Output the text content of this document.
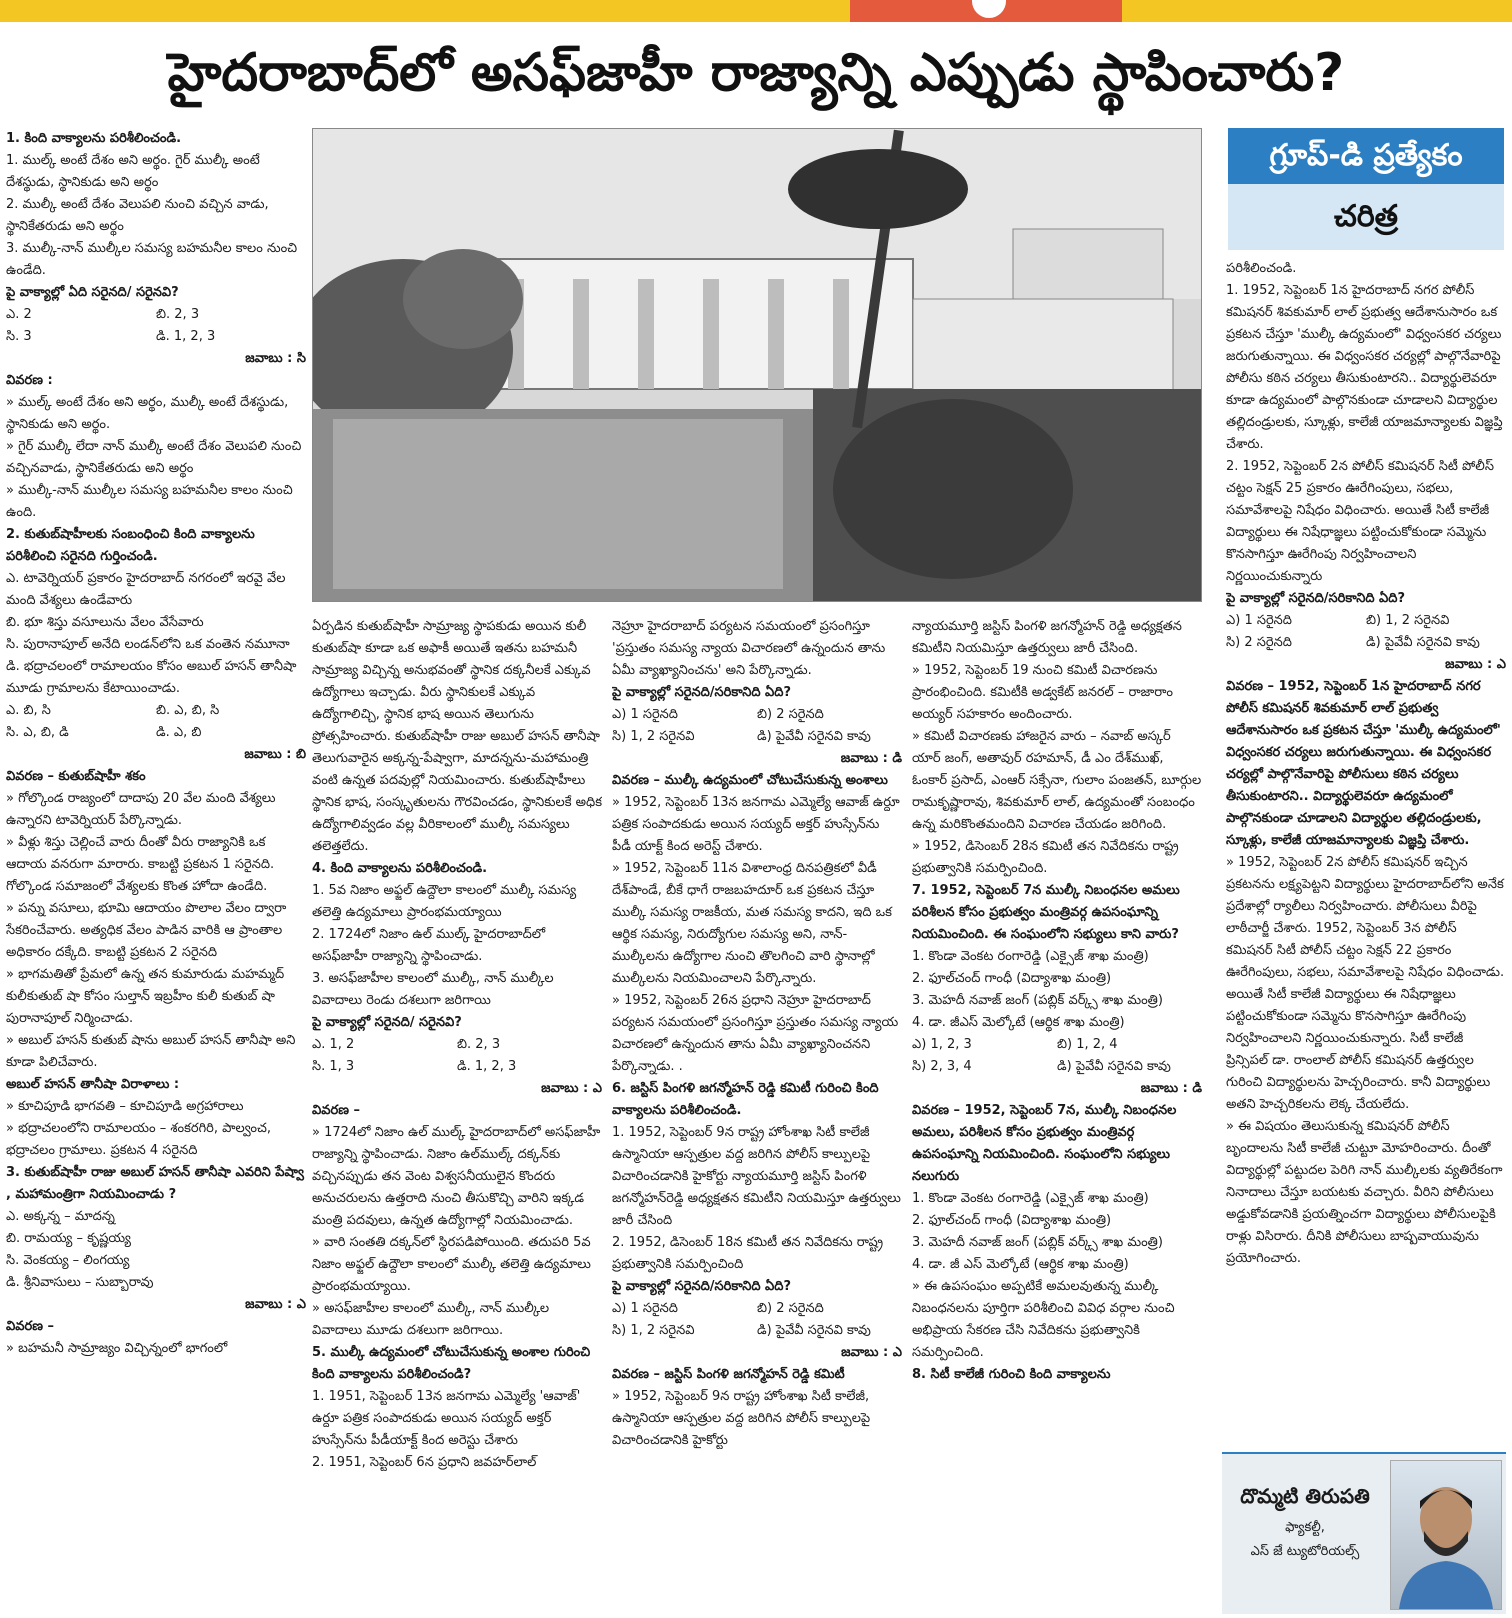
హైదరాబాద్‌లో అసఫ్‌జాహీ రాజ్యాన్ని ఎప్పుడు స్థాపించారు?

1. కింది వాక్యాలను పరిశీలించండి.

1. ముల్క్ అంటే దేశం అని అర్థం. గైర్ ముల్కీ అంటే దేశస్థుడు, స్థానికుడు అని అర్థం

2. ముల్కీ అంటే దేశం వెలుపలి నుంచి వచ్చిన వాడు, స్థానికేతరుడు అని అర్థం

3. ముల్కీ-నాన్ ముల్కీల సమస్య బహమనీల కాలం నుంచి ఉండేది.

పై వాక్యాల్లో ఏది సరైనది/ సరైనవి?

ఎ. 2	బి. 2, 3
సి. 3	డి. 1, 2, 3

జవాబు : సి

వివరణ :

» ముల్క్ అంటే దేశం అని అర్థం, ముల్కీ అంటే దేశస్థుడు, స్థానికుడు అని అర్థం.

» గైర్ ముల్కీ లేదా నాన్ ముల్కీ అంటే దేశం వెలుపలి నుంచి వచ్చినవాడు, స్థానికేతరుడు అని అర్థం

» ముల్కీ-నాన్ ముల్కీల సమస్య బహమనీల కాలం నుంచి ఉంది.

2. కుతుబ్‌షాహీలకు సంబంధించి కింది వాక్యాలను పరిశీలించి సరైనది గుర్తించండి.

ఎ. టావెర్నియర్ ప్రకారం హైదరాబాద్ నగరంలో ఇరవై వేల మంది వేశ్యలు ఉండేవారు

బి. భూ శిస్తు వసూలును వేలం వేసేవారు

సి. పురానాపూల్ అనేది లండన్‌లోని ఒక వంతెన నమూనా

డి. భద్రాచలంలో రామాలయం కోసం అబుల్ హసన్ తానీషా మూడు గ్రామాలను కేటాయించాడు.

ఎ. బి, సి	బి. ఎ, బి, సి
సి. ఎ, బి, డి	డి. ఎ, బి

జవాబు : బి

వివరణ – కుతుబ్‌షాహీ శకం

» గోల్కొండ రాజ్యంలో దాదాపు 20 వేల మంది వేశ్యలు ఉన్నారని టావెర్నియర్ పేర్కొన్నాడు.

» వీళ్లు శిస్తు చెల్లించే వారు దీంతో వీరు రాజ్యానికి ఒక ఆదాయ వనరుగా మారారు. కాబట్టి ప్రకటన 1 సరైనది. గోల్కొండ సమాజంలో వేశ్యలకు కొంత హోదా ఉండేది.

» పన్ను వసూలు, భూమి ఆదాయం పొలాల వేలం ద్వారా సేకరించేవారు. అత్యధిక వేలం పాడిన వారికి ఆ ప్రాంతాల అధికారం దక్కేది. కాబట్టి ప్రకటన 2 సరైనది

» భాగమతితో ప్రేమలో ఉన్న తన కుమారుడు మహమ్మద్ కులీకుతుబ్ షా కోసం సుల్తాన్ ఇబ్రహీం కులీ కుతుబ్ షా పురానాపూల్ నిర్మించాడు.

» అబుల్ హసన్ కుతుబ్ షాను అబుల్ హసన్ తానీషా అని కూడా పిలిచేవారు.

అబుల్ హసన్ తానీషా విరాళాలు :

» కూచిపూడి భాగవతి – కూచిపూడి అగ్రహారాలు

» భద్రాచలంలోని రామాలయం – శంకరగిరి, పాల్వంచ, భద్రాచలం గ్రామాలు. ప్రకటన 4 సరైనది

3. కుతుబ్‌షాహీ రాజు అబుల్ హసన్ తానీషా ఎవరిని పేష్వా , మహామంత్రిగా నియమించాడు ?

ఎ. అక్కన్న – మాదన్న

బి. రామయ్య – కృష్ణయ్య

సి. వెంకయ్య – లింగయ్య

డి. శ్రీనివాసులు – సుబ్బారావు

జవాబు : ఎ

వివరణ –

» బహమనీ సామ్రాజ్యం విచ్చిన్నంలో భాగంలో

గ్రూప్-డి ప్రత్యేకం
చరిత్ర

ఏర్పడిన కుతుబ్‌షాహీ సామ్రాజ్య స్థాపకుడు అయిన కులీ కుతుబ్‌షా కూడా ఒక అఫాకీ అయితే ఇతను బహమనీ సామ్రాజ్య విచ్చిన్న అనుభవంతో స్థానిక దక్కనీలకే ఎక్కువ ఉద్యోగాలు ఇచ్చాడు. వీరు స్థానికులకే ఎక్కువ ఉద్యోగాలిచ్చి, స్థానిక భాష అయిన తెలుగును ప్రోత్సహించారు. కుతుబ్‌షాహీ రాజు అబుల్ హసన్ తానీషా తెలుగువారైన అక్కన్న-పేష్వాగా, మాదన్నను-మహామంత్రి వంటి ఉన్నత పదవుల్లో నియమించారు. కుతుబ్‌షాహీలు స్థానిక భాష, సంస్కృతులను గౌరవించడం, స్థానికులకే అధిక ఉద్యోగాలివ్వడం వల్ల వీరికాలంలో ముల్కీ సమస్యలు తలెత్తలేదు.

4. కింది వాక్యాలను పరిశీలించండి.

1. 5వ నిజాం అఫ్జల్ ఉద్దౌలా కాలంలో ముల్కీ సమస్య తలెత్తి ఉద్యమాలు ప్రారంభమయ్యాయి

2. 1724లో నిజాం ఉల్ ముల్క్ హైదరాబాద్‌లో అసఫ్‌జాహీ రాజ్యాన్ని స్థాపించాడు.

3. అసఫ్‌జాహీల కాలంలో ముల్కీ, నాన్ ముల్కీల వివాదాలు రెండు దశలుగా జరిగాయి

పై వాక్యాల్లో సరైనది/ సరైనవి?

ఎ. 1, 2	బి. 2, 3
సి. 1, 3	డి. 1, 2, 3

జవాబు : ఎ

వివరణ –

» 1724లో నిజాం ఉల్ ముల్క్ హైదరాబాద్‌లో అసఫ్‌జాహీ రాజ్యాన్ని స్థాపించాడు. నిజాం ఉల్‌ముల్క్ దక్కన్‌కు వచ్చినప్పుడు తన వెంట విశ్వసనీయులైన కొందరు అనుచరులను ఉత్తరాది నుంచి తీసుకొచ్చి వారిని ఇక్కడ మంత్రి పదవులు, ఉన్నత ఉద్యోగాల్లో నియమించాడు.

» వారి సంతతి దక్కన్‌లో స్థిరపడిపోయింది. తదుపరి 5వ నిజాం అఫ్జల్ ఉద్దౌలా కాలంలో ముల్కీ తలెత్తి ఉద్యమాలు ప్రారంభమయ్యాయి.

» అసఫ్‌జాహీల కాలంలో ముల్కీ, నాన్ ముల్కీల వివాదాలు మూడు దశలుగా జరిగాయి.

5. ముల్కీ ఉద్యమంలో చోటుచేసుకున్న అంశాల గురించి కింది వాక్యాలను పరిశీలించండి?

1. 1951, సెప్టెంబర్ 13న జనగామ ఎమ్మెల్యే 'ఆవాజ్' ఉర్దూ పత్రిక సంపాదకుడు అయిన సయ్యద్ అక్తర్ హుస్సేన్‌ను పీడీయాక్ట్ కింద అరెస్టు చేశారు

2. 1951, సెప్టెంబర్ 6న ప్రధాని జవహర్‌లాల్

నెహ్రూ హైదరాబాద్ పర్యటన సమయంలో ప్రసంగిస్తూ 'ప్రస్తుతం సమస్య న్యాయ విచారణలో ఉన్నందున తాను ఏమీ వ్యాఖ్యానించను' అని పేర్కొన్నాడు.

పై వాక్యాల్లో సరైనది/సరికానిది ఏది?

ఎ) 1 సరైనది	బి) 2 సరైనది
సి) 1, 2 సరైనవి	డి) పైవేవీ సరైనవి కావు

జవాబు : డి

వివరణ – ముల్కీ ఉద్యమంలో చోటుచేసుకున్న అంశాలు

» 1952, సెప్టెంబర్ 13న జనగామ ఎమ్మెల్యే ఆవాజ్ ఉర్దూ పత్రిక సంపాదకుడు అయిన సయ్యద్ అక్తర్ హుస్సేన్‌ను పీడీ యాక్ట్ కింద అరెస్ట్ చేశారు.

» 1952, సెప్టెంబర్ 11న విశాలాంధ్ర దినపత్రికలో వీడీ దేశ్‌పాండే, బీకే ధాగే రాజబహదూర్ ఒక ప్రకటన చేస్తూ ముల్కీ సమస్య రాజకీయ, మత సమస్య కాదని, ఇది ఒక ఆర్థిక సమస్య, నిరుద్యోగుల సమస్య అని, నాన్-ముల్కీలను ఉద్యోగాల నుంచి తొలగించి వారి స్థానాల్లో ముల్కీలను నియమించాలని పేర్కొన్నారు.

» 1952, సెప్టెంబర్ 26న ప్రధాని నెహ్రూ హైదరాబాద్ పర్యటన సమయంలో ప్రసంగిస్తూ ప్రస్తుతం సమస్య న్యాయ విచారణలో ఉన్నందున తాను ఏమీ వ్యాఖ్యానించనని పేర్కొన్నాడు. .

6. జస్టిస్ పింగళి జగన్మోహన్ రెడ్డి కమిటీ గురించి కింది వాక్యాలను పరిశీలించండి.

1. 1952, సెప్టెంబర్ 9న రాష్ట్ర హోంశాఖ సిటీ కాలేజీ ఉస్మానియా ఆస్పత్రుల వద్ద జరిగిన పోలీస్ కాల్పులపై విచారించడానికి హైకోర్టు న్యాయమూర్తి జస్టిస్ పింగళి జగన్మోహన్‌రెడ్డి అధ్యక్షతన కమిటీని నియమిస్తూ ఉత్తర్వులు జారీ చేసింది

2. 1952, డిసెంబర్ 18న కమిటీ తన నివేదికను రాష్ట్ర ప్రభుత్వానికి సమర్పించింది

పై వాక్యాల్లో సరైనది/సరికానిది ఏది?

ఎ) 1 సరైనది	బి) 2 సరైనది
సి) 1, 2 సరైనవి	డి) పైవేవీ సరైనవి కావు

జవాబు : ఎ

వివరణ – జస్టిస్ పింగళి జగన్మోహన్ రెడ్డి కమిటీ

» 1952, సెప్టెంబర్ 9న రాష్ట్ర హోంశాఖ సిటీ కాలేజీ, ఉస్మానియా ఆస్పత్రుల వద్ద జరిగిన పోలీస్ కాల్పులపై విచారించడానికి హైకోర్టు

న్యాయమూర్తి జస్టిస్ పింగళి జగన్మోహన్ రెడ్డి అధ్యక్షతన కమిటీని నియమిస్తూ ఉత్తర్వులు జారీ చేసింది.

» 1952, సెప్టెంబర్ 19 నుంచి కమిటీ విచారణను ప్రారంభించింది. కమిటీకి అడ్వకేట్ జనరల్ – రాజారాం అయ్యర్ సహకారం అందించారు.

» కమిటీ విచారణకు హాజరైన వారు – నవాబ్ అస్కర్ యార్ జంగ్, అతావుర్ రహమాన్, డీ ఎం దేశ్‌ముఖ్, ఓంకార్ ప్రసాద్, ఎంఆర్ సక్సేనా, గులాం పంజతన్, బూర్గుల రామకృష్ణారావు, శివకుమార్ లాల్, ఉద్యమంతో సంబంధం ఉన్న మరికొంతమందిని విచారణ చేయడం జరిగింది.

» 1952, డిసెంబర్ 28న కమిటీ తన నివేదికను రాష్ట్ర ప్రభుత్వానికి సమర్పించింది.

7. 1952, సెప్టెంబర్ 7న ముల్కీ నిబంధనల అమలు పరిశీలన కోసం ప్రభుత్వం మంత్రివర్గ ఉపసంఘాన్ని నియమించింది. ఈ సంఘంలోని సభ్యులు కాని వారు?

1. కొండా వెంకట రంగారెడ్డి (ఎక్సైజ్ శాఖ మంత్రి)

2. ఫూల్‌చంద్ గాంధీ (విద్యాశాఖ మంత్రి)

3. మెహదీ నవాజ్ జంగ్ (పబ్లిక్ వర్క్స్ శాఖ మంత్రి)

4. డా. జీఎస్ మెల్కోటే (ఆర్థిక శాఖ మంత్రి)

ఎ) 1, 2, 3	బి) 1, 2, 4
సి) 2, 3, 4	డి) పైవేవీ సరైనవి కావు

జవాబు : డి

వివరణ – 1952, సెప్టెంబర్ 7న, ముల్కీ నిబంధనల అమలు, పరిశీలన కోసం ప్రభుత్వం మంత్రివర్గ ఉపసంఘాన్ని నియమించింది. సంఘంలోని సభ్యులు నలుగురు

1. కొండా వెంకట రంగారెడ్డి (ఎక్సైజ్ శాఖ మంత్రి)

2. ఫూల్‌చంద్ గాంధీ (విద్యాశాఖ మంత్రి)

3. మెహదీ నవాజ్ జంగ్ (పబ్లిక్ వర్క్స్ శాఖ మంత్రి)

4. డా. జీ ఎస్ మెల్కోటే (ఆర్థిక శాఖ మంత్రి)

» ఈ ఉపసంఘం అప్పటికే అమలవుతున్న ముల్కీ నిబంధనలను పూర్తిగా పరిశీలించి వివిధ వర్గాల నుంచి అభిప్రాయ సేకరణ చేసి నివేదికను ప్రభుత్వానికి సమర్పించింది.

8. సిటీ కాలేజీ గురించి కింది వాక్యాలను

పరిశీలించండి.

1. 1952, సెప్టెంబర్ 1న హైదరాబాద్ నగర పోలీస్ కమిషనర్ శివకుమార్ లాల్ ప్రభుత్వ ఆదేశానుసారం ఒక ప్రకటన చేస్తూ 'ముల్కీ ఉద్యమంలో' విధ్వంసకర చర్యలు జరుగుతున్నాయి. ఈ విధ్వంసకర చర్యల్లో పాల్గొనేవారిపై పోలీసు కఠిన చర్యలు తీసుకుంటారని.. విద్యార్థులెవరూ కూడా ఉద్యమంలో పాల్గొనకుండా చూడాలని విద్యార్థుల తల్లిదండ్రులకు, స్కూళ్లు, కాలేజీ యాజమాన్యాలకు విజ్ఞప్తి చేశారు.

2. 1952, సెప్టెంబర్ 2న పోలీస్ కమిషనర్ సిటీ పోలీస్ చట్టం సెక్షన్ 25 ప్రకారం ఊరేగింపులు, సభలు, సమావేశాలపై నిషేధం విధించారు. అయితే సిటీ కాలేజీ విద్యార్థులు ఈ నిషేధాజ్ఞలు పట్టించుకోకుండా సమ్మెను కొనసాగిస్తూ ఊరేగింపు నిర్వహించాలని నిర్ణయించుకున్నారు

పై వాక్యాల్లో సరైనది/సరికానిది ఏది?

ఎ) 1 సరైనది	బి) 1, 2 సరైనవి
సి) 2 సరైనది	డి) పైవేవీ సరైనవి కావు

జవాబు : ఎ

వివరణ – 1952, సెప్టెంబర్ 1న హైదరాబాద్ నగర పోలీస్ కమిషనర్ శివకుమార్ లాల్ ప్రభుత్వ ఆదేశానుసారం ఒక ప్రకటన చేస్తూ 'ముల్కీ ఉద్యమంలో' విధ్వంసకర చర్యలు జరుగుతున్నాయి. ఈ విధ్వంసకర చర్యల్లో పాల్గొనేవారిపై పోలీసులు కఠిన చర్యలు తీసుకుంటారని.. విద్యార్థులెవరూ ఉద్యమంలో పాల్గొనకుండా చూడాలని విద్యార్థుల తల్లిదండ్రులకు, స్కూళ్లు, కాలేజీ యాజమాన్యాలకు విజ్ఞప్తి చేశారు.

» 1952, సెప్టెంబర్ 2న పోలీస్ కమిషనర్ ఇచ్చిన ప్రకటనను లక్ష్యపెట్టని విద్యార్థులు హైదరాబాద్‌లోని అనేక ప్రదేశాల్లో ర్యాలీలు నిర్వహించారు. పోలీసులు వీరిపై లాఠీచార్జీ చేశారు. 1952, సెప్టెంబర్ 3న పోలీస్ కమిషనర్ సిటీ పోలీస్ చట్టం సెక్షన్ 22 ప్రకారం ఊరేగింపులు, సభలు, సమావేశాలపై నిషేధం విధించాడు. అయితే సిటీ కాలేజీ విద్యార్థులు ఈ నిషేధాజ్ఞలు పట్టించుకోకుండా సమ్మెను కొనసాగిస్తూ ఊరేగింపు నిర్వహించాలని నిర్ణయించుకున్నారు. సిటీ కాలేజీ ప్రిన్సిపల్ డా. రాంలాల్ పోలీస్ కమిషనర్ ఉత్తర్వుల గురించి విద్యార్థులను హెచ్చరించారు. కానీ విద్యార్థులు అతని హెచ్చరికలను లెక్క చేయలేదు.

» ఈ విషయం తెలుసుకున్న కమిషనర్ పోలీస్ బృందాలను సిటీ కాలేజీ చుట్టూ మోహరించారు. దీంతో విద్యార్థుల్లో పట్టుదల పెరిగి నాన్ ముల్కీలకు వ్యతిరేకంగా నినాదాలు చేస్తూ బయటకు వచ్చారు. వీరిని పోలీసులు అడ్డుకోవడానికి ప్రయత్నించగా విద్యార్థులు పోలీసులపైకి రాళ్లు విసిరారు. దీనికి పోలీసులు బాష్పవాయువును ప్రయోగించారు.

దొమ్మటి తిరుపతి
ఫ్యాకల్టీ,
ఎస్ జే ట్యుటోరియల్స్
